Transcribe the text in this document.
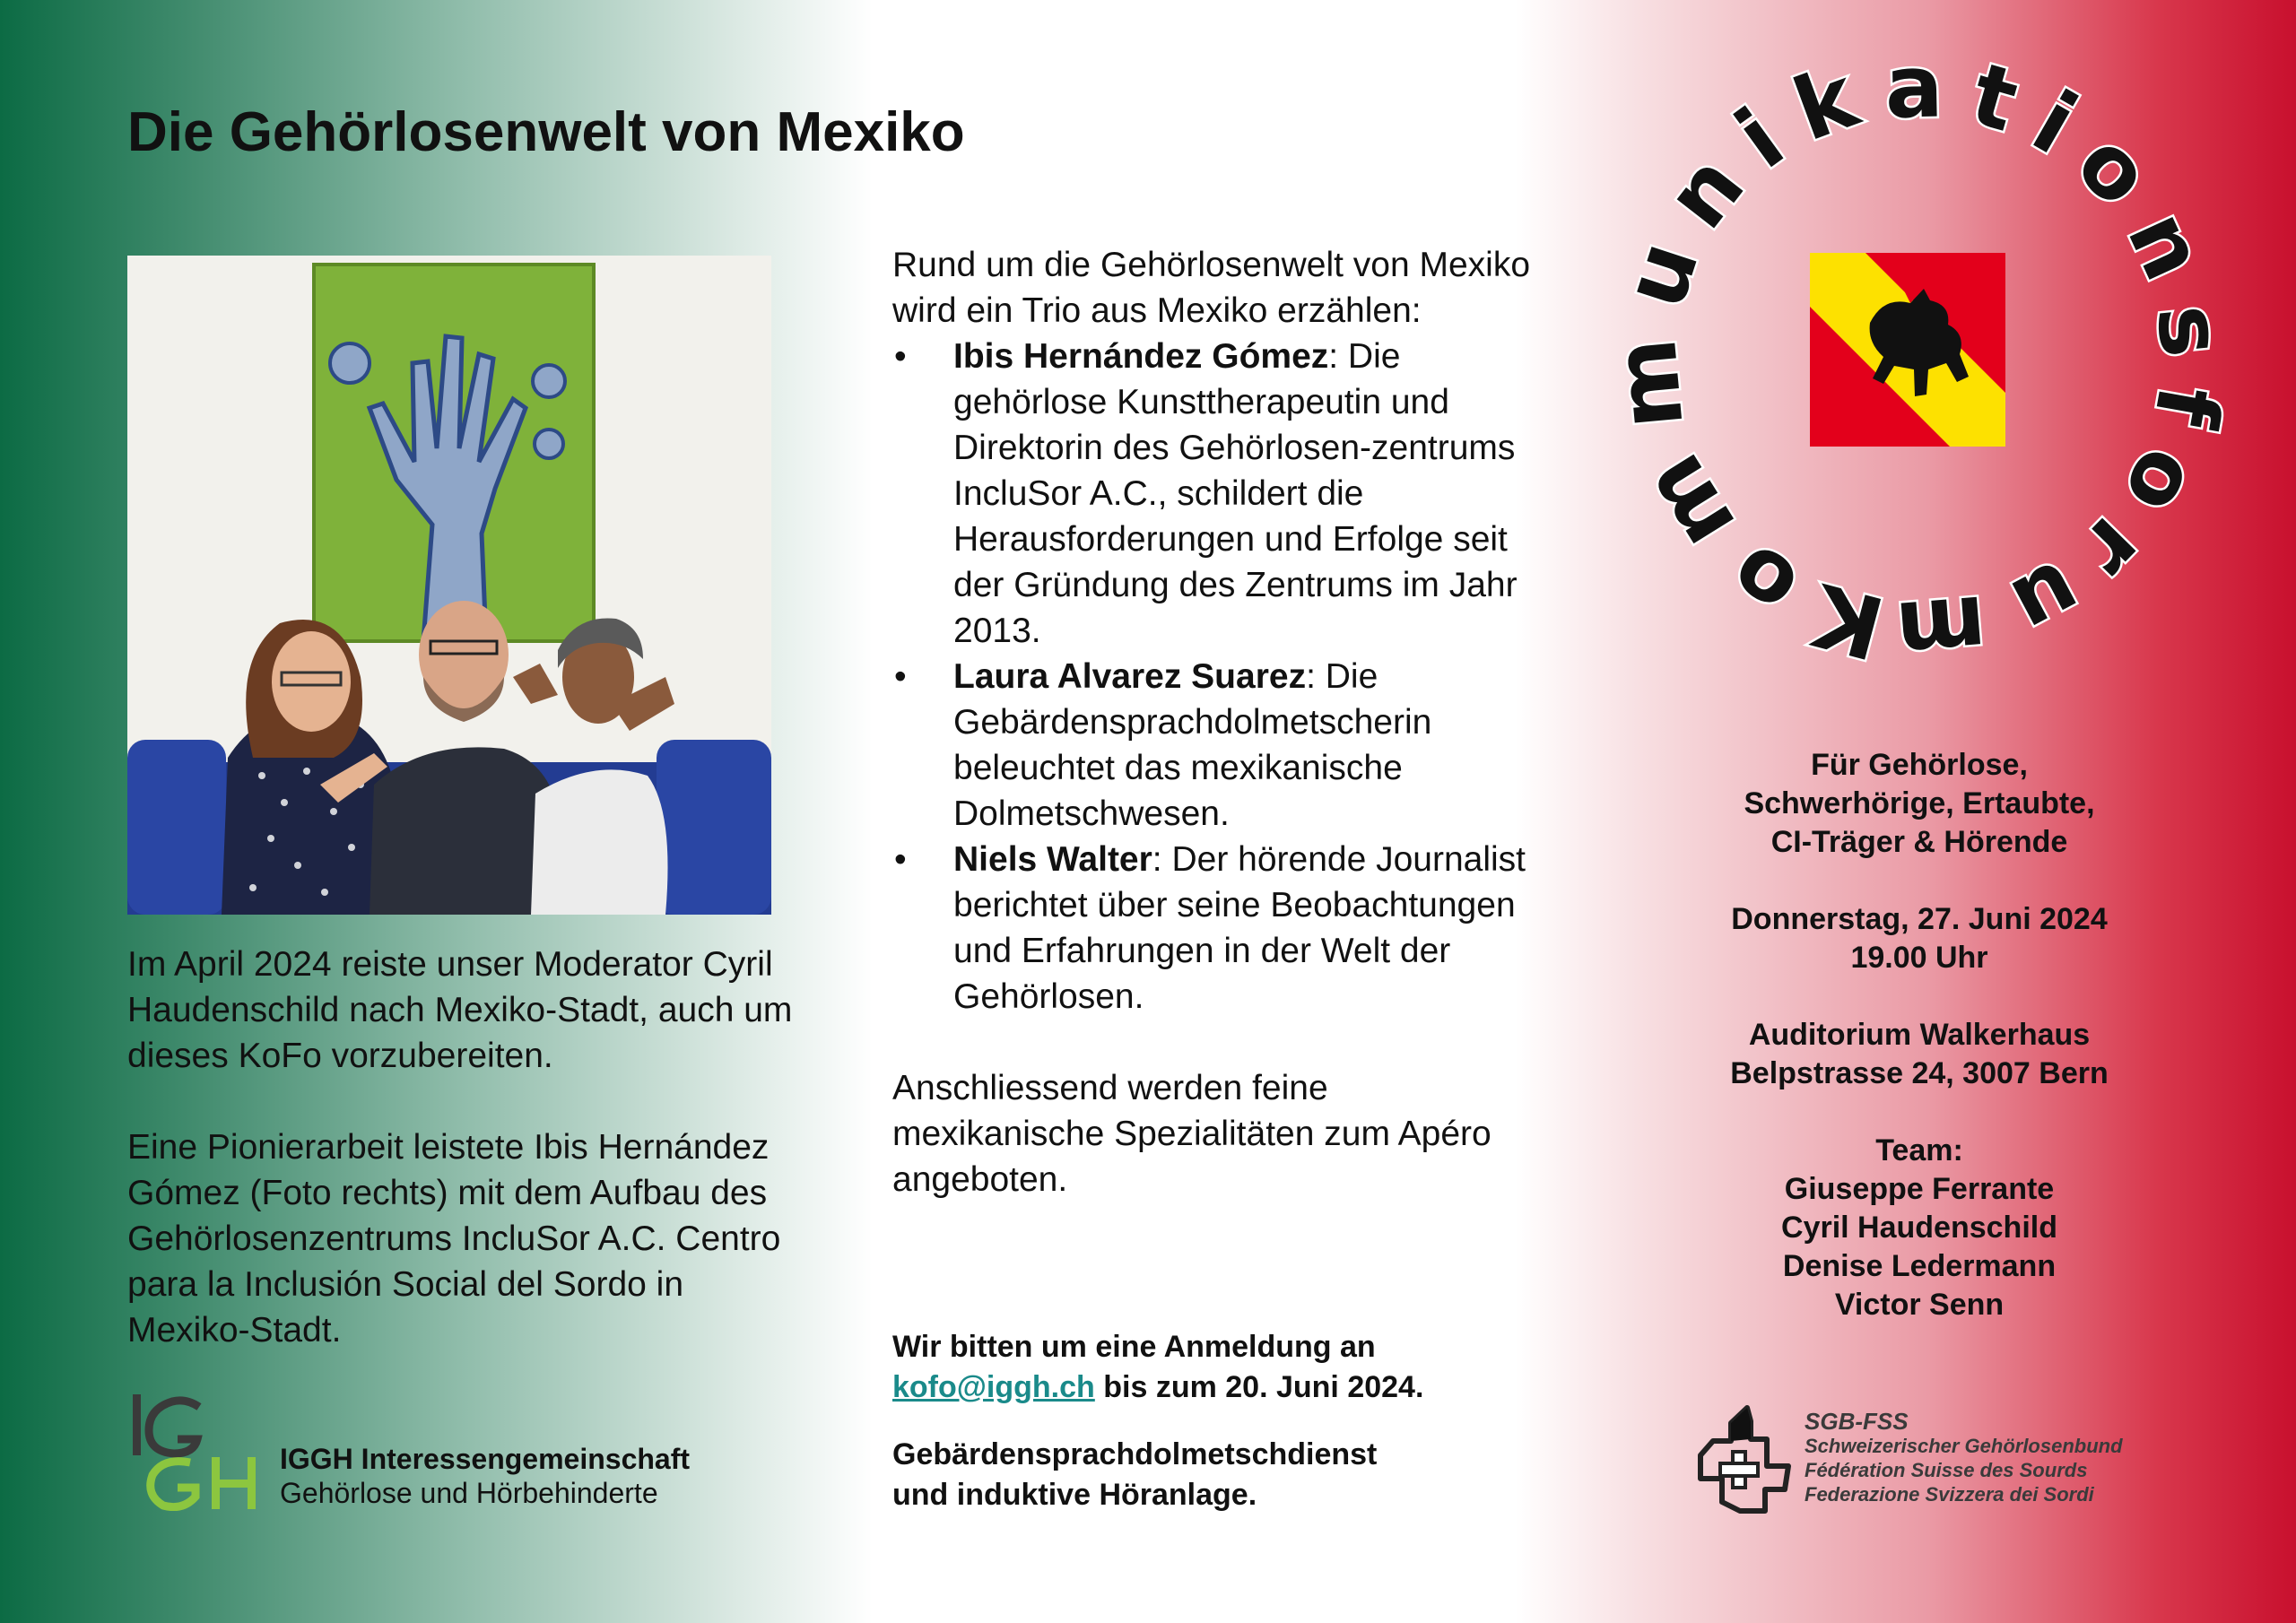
Die Gehörlosenwelt von Mexiko

Im April 2024 reiste unser Moderator Cyril Haudenschild nach Mexiko-Stadt, auch um dieses KoFo vorzubereiten.

Eine Pionierarbeit leistete Ibis Hernández Gómez (Foto rechts) mit dem Aufbau des Gehörlosenzentrums IncluSor A.C. Centro para la Inclusión Social del Sordo in Mexiko-Stadt.

Rund um die Gehörlosenwelt von Mexiko wird ein Trio aus Mexiko erzählen:

• Ibis Hernández Gómez: Die gehörlose Kunsttherapeutin und Direktorin des Gehörlosen-zentrums IncluSor A.C., schildert die Herausforderungen und Erfolge seit der Gründung des Zentrums im Jahr 2013.
• Laura Alvarez Suarez: Die Gebärdensprachdolmetscherin beleuchtet das mexikanische Dolmetschwesen.
• Niels Walter: Der hörende Journalist berichtet über seine Beobachtungen und Erfahrungen in der Welt der Gehörlosen.

Anschliessend werden feine mexikanische Spezialitäten zum Apéro angeboten.

Wir bitten um eine Anmeldung an
kofo@iggh.ch bis zum 20. Juni 2024.
Gebärdensprachdolmetschdienst
und induktive Höranlage.
Kom unikation orum
Für Gehörlose,
Schwerhörige, Ertaubte,
CI-Träger & Hörende
Donnerstag, 27. Juni 2024
19.00 Uhr
Auditorium Walkerhaus
Belpstrasse 24, 3007 Bern
Team:
Giuseppe Ferrante
Cyril Haudenschild
Denise Ledermann
Victor Senn
IGGH Interessengemeinschaft
Gehörlose und Hörbehinderte
SGB-FSS
Schweizerischer Gehörlosenbund
Fédération Suisse des Sourds
Federazione Svizzera dei Sordi
